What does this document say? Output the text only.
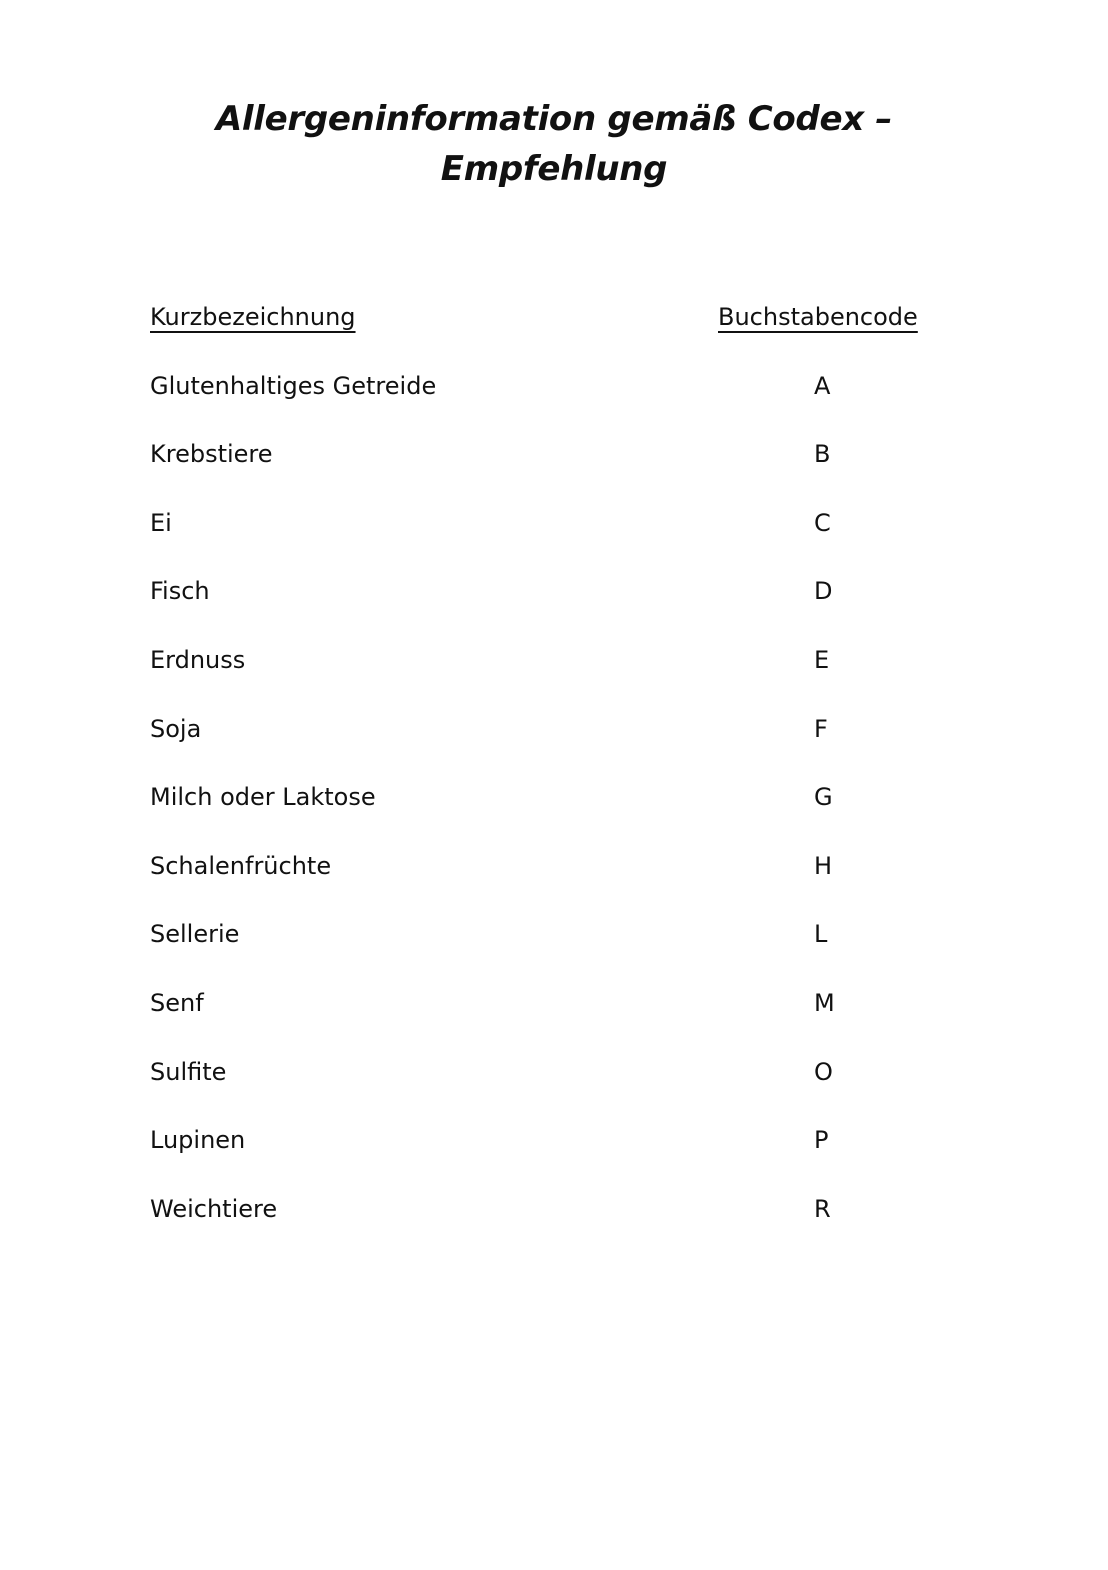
Allergeninformation gemäß Codex –
Empfehlung
Kurzbezeichnung	Buchstabencode
Glutenhaltiges Getreide	A
Krebstiere	B
Ei	C
Fisch	D
Erdnuss	E
Soja	F
Milch oder Laktose	G
Schalenfrüchte	H
Sellerie	L
Senf	M
Sulfite	O
Lupinen	P
Weichtiere	R
